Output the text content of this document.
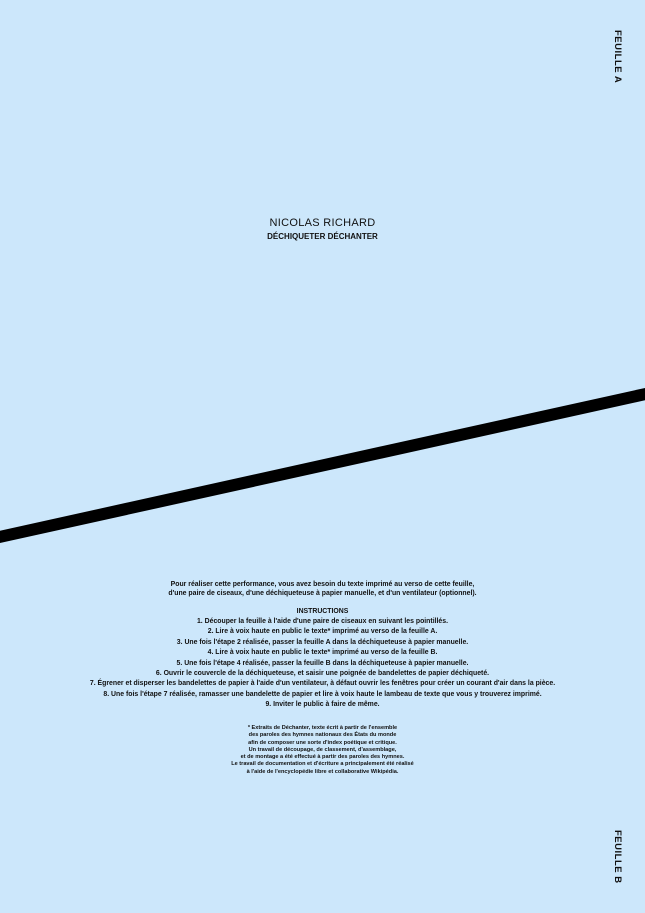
FEUILLE A

NICOLAS RICHARD

DÉCHIQUETER DÉCHANTER

Pour réaliser cette performance, vous avez besoin du texte imprimé au verso de cette feuille,

d'une paire de ciseaux, d'une déchiqueteuse à papier manuelle, et d'un ventilateur (optionnel).

INSTRUCTIONS

1. Découper la feuille à l'aide d'une paire de ciseaux en suivant les pointillés.
2. Lire à voix haute en public le texte* imprimé au verso de la feuille A.
3. Une fois l'étape 2 réalisée, passer la feuille A dans la déchiqueteuse à papier manuelle.
4. Lire à voix haute en public le texte* imprimé au verso de la feuille B.
5. Une fois l'étape 4 réalisée, passer la feuille B dans la déchiqueteuse à papier manuelle.
6. Ouvrir le couvercle de la déchiqueteuse, et saisir une poignée de bandelettes de papier déchiqueté.
7. Égrener et disperser les bandelettes de papier à l'aide d'un ventilateur, à défaut ouvrir les fenêtres pour créer un courant d'air dans la pièce.
8. Une fois l'étape 7 réalisée, ramasser une bandelette de papier et lire à voix haute le lambeau de texte que vous y trouverez imprimé.
9. Inviter le public à faire de même.

* Extraits de Déchanter, texte écrit à partir de l'ensemble

des paroles des hymnes nationaux des États du monde

afin de composer une sorte d'index poétique et critique.

Un travail de découpage, de classement, d'assemblage,

et de montage a été effectué à partir des paroles des hymnes.

Le travail de documentation et d'écriture a principalement été réalisé

à l'aide de l'encyclopédie libre et collaborative Wikipédia.

FEUILLE B
